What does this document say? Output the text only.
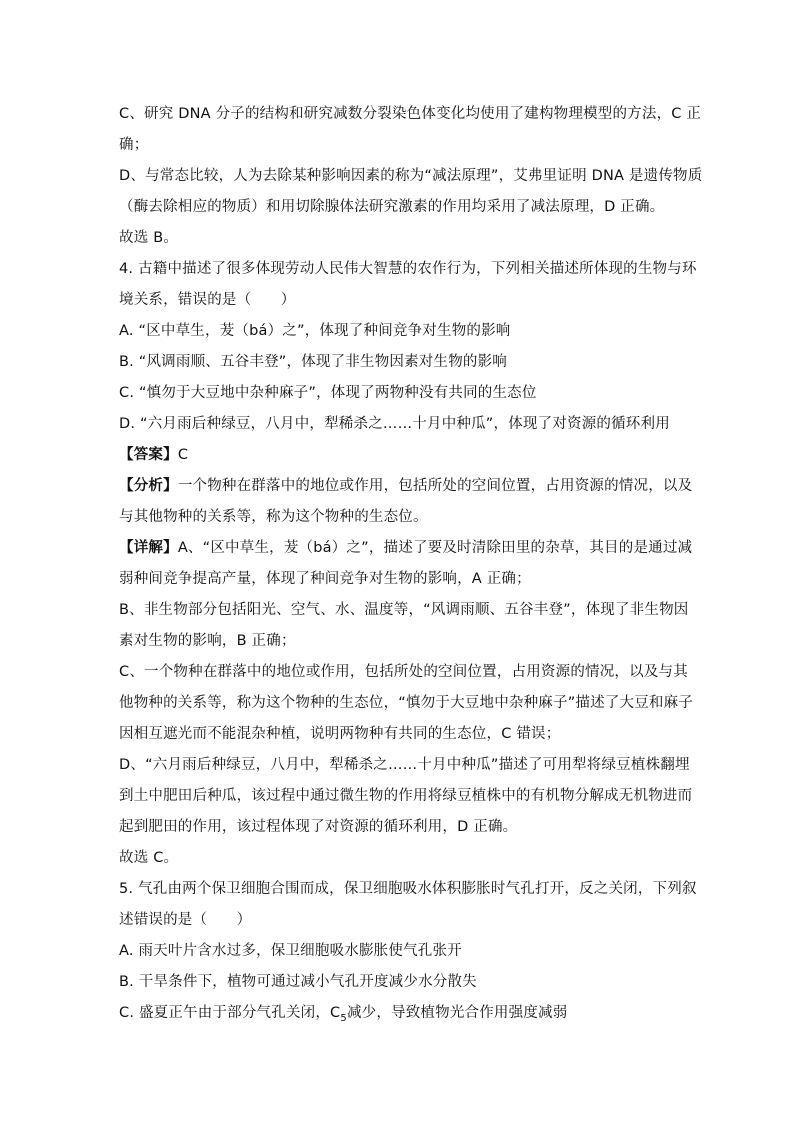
C、研究 DNA 分子的结构和研究减数分裂染色体变化均使用了建构物理模型的方法，C 正
确；
D、与常态比较，人为去除某种影响因素的称为“减法原理”，艾弗里证明 DNA 是遗传物质
（酶去除相应的物质）和用切除腺体法研究激素的作用均采用了减法原理，D 正确。
故选 B。
4. 古籍中描述了很多体现劳动人民伟大智慧的农作行为，下列相关描述所体现的生物与环
境关系，错误的是（　　）
A. “区中草生，茇（bá）之”，体现了种间竞争对生物的影响
B. “风调雨顺、五谷丰登”，体现了非生物因素对生物的影响
C. “慎勿于大豆地中杂种麻子”，体现了两物种没有共同的生态位
D. “六月雨后种绿豆，八月中，犁稀杀之……十月中种瓜”，体现了对资源的循环利用
【答案】C
【分析】一个物种在群落中的地位或作用，包括所处的空间位置，占用资源的情况，以及
与其他物种的关系等，称为这个物种的生态位。
【详解】A、“区中草生，茇（bá）之”，描述了要及时清除田里的杂草，其目的是通过减
弱种间竞争提高产量，体现了种间竞争对生物的影响，A 正确；
B、非生物部分包括阳光、空气、水、温度等，“风调雨顺、五谷丰登”，体现了非生物因
素对生物的影响，B 正确；
C、一个物种在群落中的地位或作用，包括所处的空间位置，占用资源的情况，以及与其
他物种的关系等，称为这个物种的生态位，“慎勿于大豆地中杂种麻子”描述了大豆和麻子
因相互遮光而不能混杂种植，说明两物种有共同的生态位，C 错误；
D、“六月雨后种绿豆，八月中，犁稀杀之……十月中种瓜”描述了可用犁将绿豆植株翻埋
到土中肥田后种瓜，该过程中通过微生物的作用将绿豆植株中的有机物分解成无机物进而
起到肥田的作用，该过程体现了对资源的循环利用，D 正确。
故选 C。
5. 气孔由两个保卫细胞合围而成，保卫细胞吸水体积膨胀时气孔打开，反之关闭，下列叙
述错误的是（　　）
A. 雨天叶片含水过多，保卫细胞吸水膨胀使气孔张开
B. 干旱条件下，植物可通过减小气孔开度减少水分散失
C. 盛夏正午由于部分气孔关闭，$C_5$减少，导致植物光合作用强度减弱
